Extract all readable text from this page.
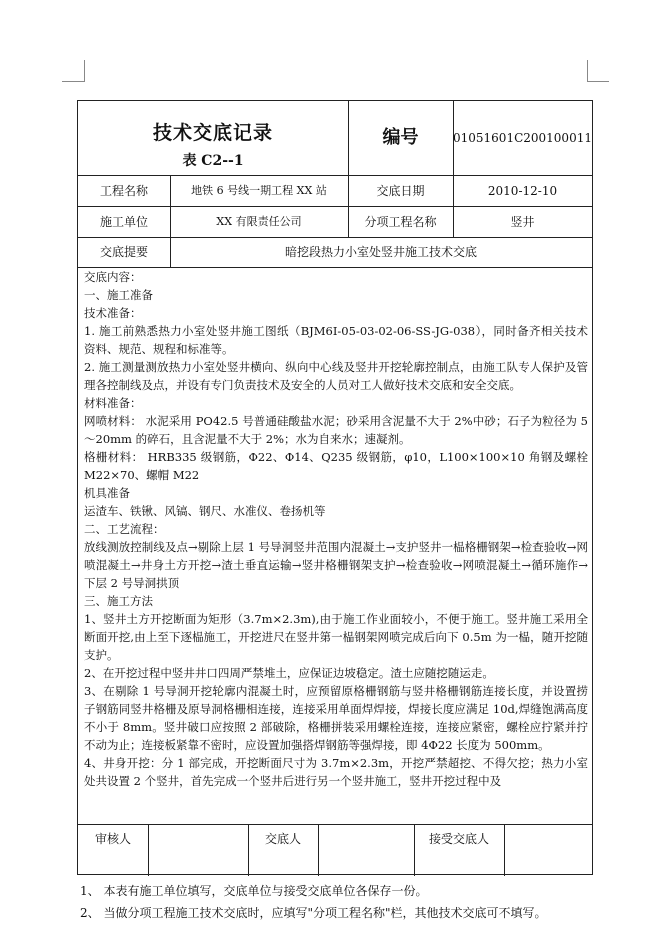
技术交底记录
表 C2--1
编号	01051601C200100011
工程名称	地铁 6 号线一期工程 XX 站	交底日期	2010-12-10
施工单位	XX 有限责任公司	分项工程名称	竖井
交底提要	暗挖段热力小室处竖井施工技术交底

交底内容：

一、施工准备

技术准备：

1. 施工前熟悉热力小室处竖井施工图纸（BJM6I-05-03-02-06-SS-JG-038），同时备齐相关技术资料、规范、规程和标准等。

2. 施工测量测放热力小室处竖井横向、纵向中心线及竖井开挖轮廓控制点，由施工队专人保护及管理各控制线及点，并设有专门负责技术及安全的人员对工人做好技术交底和安全交底。

材料准备：

网喷材料： 水泥采用 PO42.5 号普通硅酸盐水泥；砂采用含泥量不大于 2%中砂；石子为粒径为 5～20mm 的碎石，且含泥量不大于 2%；水为自来水；速凝剂。

格栅材料： HRB335 级钢筋，Φ22、Φ14、Q235 级钢筋，φ10，L100×100×10 角钢及螺栓 M22×70、螺帽 M22

机具准备

运渣车、铁锹、风镐、钢尺、水准仪、卷扬机等

二、工艺流程：

放线测放控制线及点→剔除上层 1 号导洞竖井范围内混凝土→支护竖井一榀格栅钢架→检查验收→网喷混凝土→井身土方开挖→渣土垂直运输→竖井格栅钢架支护→检查验收→网喷混凝土→循环施作→下层 2 号导洞拱顶

三、施工方法

1、竖井土方开挖断面为矩形（3.7m×2.3m),由于施工作业面较小，不便于施工。竖井施工采用全断面开挖,由上至下逐榀施工，开挖进尺在竖井第一榀钢架网喷完成后向下 0.5m 为一榀，随开挖随支护。

2、在开挖过程中竖井井口四周严禁堆土，应保证边坡稳定。渣土应随挖随运走。

3、在剔除 1 号导洞开挖轮廓内混凝土时，应预留原格栅钢筋与竖井格栅钢筋连接长度，并设置捞子钢筋同竖井格栅及原导洞格栅相连接，连接采用单面焊焊接，焊接长度应满足 10d,焊缝饱满高度不小于 8mm。竖井破口应按照 2 部破除，格栅拼装采用螺栓连接，连接应紧密，螺栓应拧紧并拧不动为止；连接板紧靠不密时，应设置加强搭焊钢筋等强焊接，即 4Φ22 长度为 500mm。

4、井身开挖：分 1 部完成，开挖断面尺寸为 3.7m×2.3m，开挖严禁超挖、不得欠挖；热力小室处共设置 2 个竖井，首先完成一个竖井后进行另一个竖井施工，竖井开挖过程中及

审核人	交底人	接受交底人

1、 本表有施工单位填写，交底单位与接受交底单位各保存一份。

2、 当做分项工程施工技术交底时，应填写"分项工程名称"栏，其他技术交底可不填写。
